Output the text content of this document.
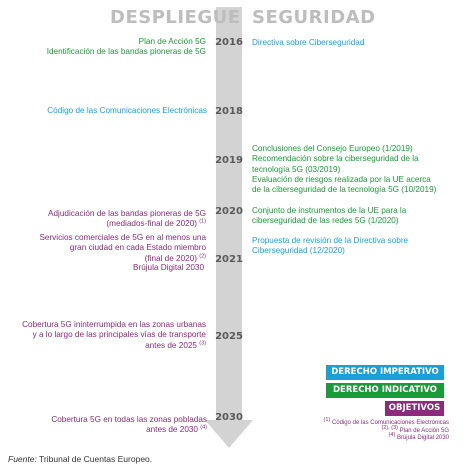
DESPLIEGUE SEGURIDAD
2016
2018
2019
2020
2021
2025
2030
Plan de Acción 5G
Identificación de las bandas pioneras de 5G
Código de las Comunicaciones Electrónicas
Adjudicación de las bandas pioneras de 5G
(mediados-final de 2020) $^{(1)}$
Servicios comerciales de 5G en al menos una
gran ciudad en cada Estado miembro
(final de 2020) $^{(2)}$
Brújula Digital 2030
Cobertura 5G ininterrumpida en las zonas urbanas
y a lo largo de las principales vías de transporte
antes de 2025 $^{(3)}$
Cobertura 5G en todas las zonas pobladas
antes de 2030 $^{(4)}$
Directiva sobre Ciberseguridad
Conclusiones del Consejo Europeo (1/2019)
Recomendación sobre la ciberseguridad de la
tecnología 5G (03/2019)
Evaluación de riesgos realizada por la UE acerca
de la ciberseguridad de la tecnología 5G (10/2019)
Conjunto de instrumentos de la UE para la
ciberseguridad de las redes 5G (1/2020)
Propuesta de revisión de la Directiva sobre
Ciberseguridad (12/2020)
DERECHO IMPERATIVO
DERECHO INDICATIVO
OBJETIVOS
$^{(1)}$ Código de las Comunicaciones Electrónicas
$^{(2), (3)}$ Plan de Acción 5G
$^{(4)}$ Brújula Digital 2030
Fuente: Tribunal de Cuentas Europeo.
